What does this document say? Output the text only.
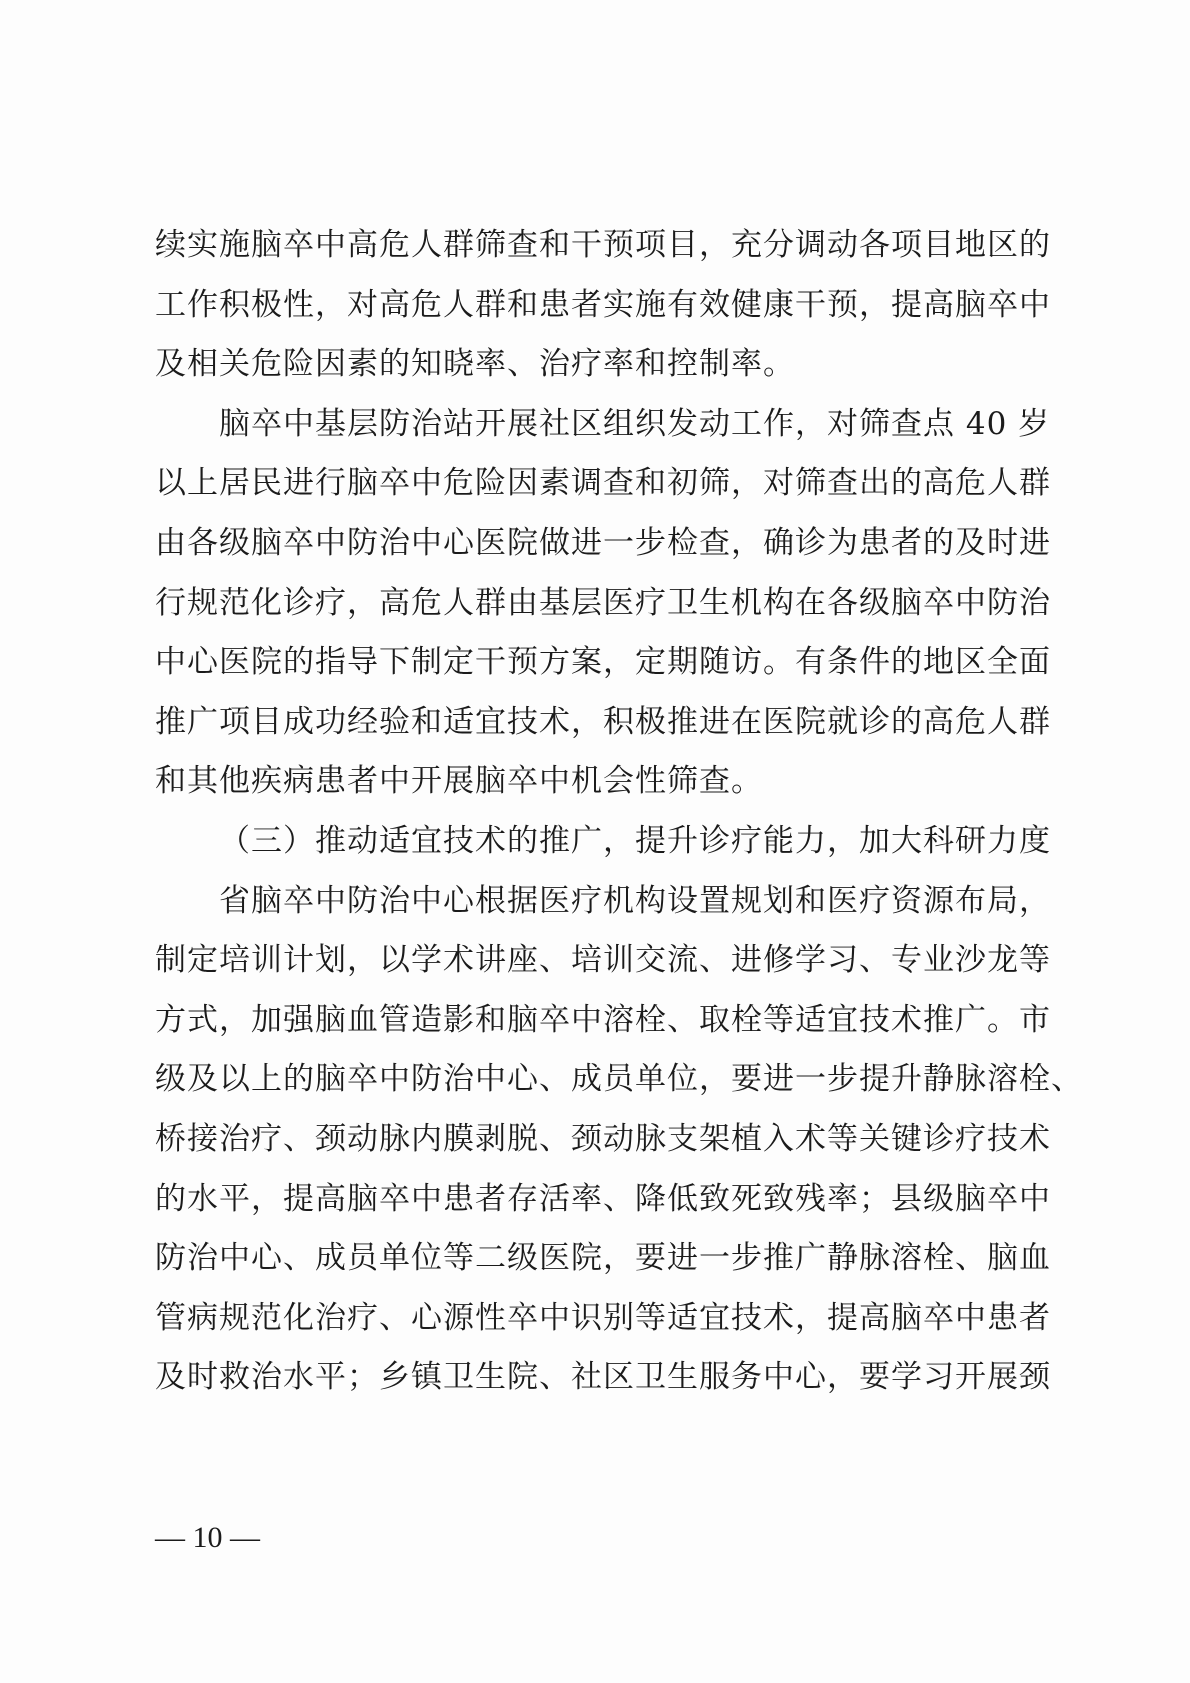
续实施脑卒中高危人群筛查和干预项目，充分调动各项目地区的
工作积极性，对高危人群和患者实施有效健康干预，提高脑卒中
及相关危险因素的知晓率、治疗率和控制率。
脑卒中基层防治站开展社区组织发动工作，对筛查点 40 岁
以上居民进行脑卒中危险因素调查和初筛，对筛查出的高危人群
由各级脑卒中防治中心医院做进一步检查，确诊为患者的及时进
行规范化诊疗，高危人群由基层医疗卫生机构在各级脑卒中防治
中心医院的指导下制定干预方案，定期随访。有条件的地区全面
推广项目成功经验和适宜技术，积极推进在医院就诊的高危人群
和其他疾病患者中开展脑卒中机会性筛查。
（三）推动适宜技术的推广，提升诊疗能力，加大科研力度
省脑卒中防治中心根据医疗机构设置规划和医疗资源布局，
制定培训计划，以学术讲座、培训交流、进修学习、专业沙龙等
方式，加强脑血管造影和脑卒中溶栓、取栓等适宜技术推广。市
级及以上的脑卒中防治中心、成员单位，要进一步提升静脉溶栓、
桥接治疗、颈动脉内膜剥脱、颈动脉支架植入术等关键诊疗技术
的水平，提高脑卒中患者存活率、降低致死致残率；县级脑卒中
防治中心、成员单位等二级医院，要进一步推广静脉溶栓、脑血
管病规范化治疗、心源性卒中识别等适宜技术，提高脑卒中患者
及时救治水平；乡镇卫生院、社区卫生服务中心，要学习开展颈
— 10 —
